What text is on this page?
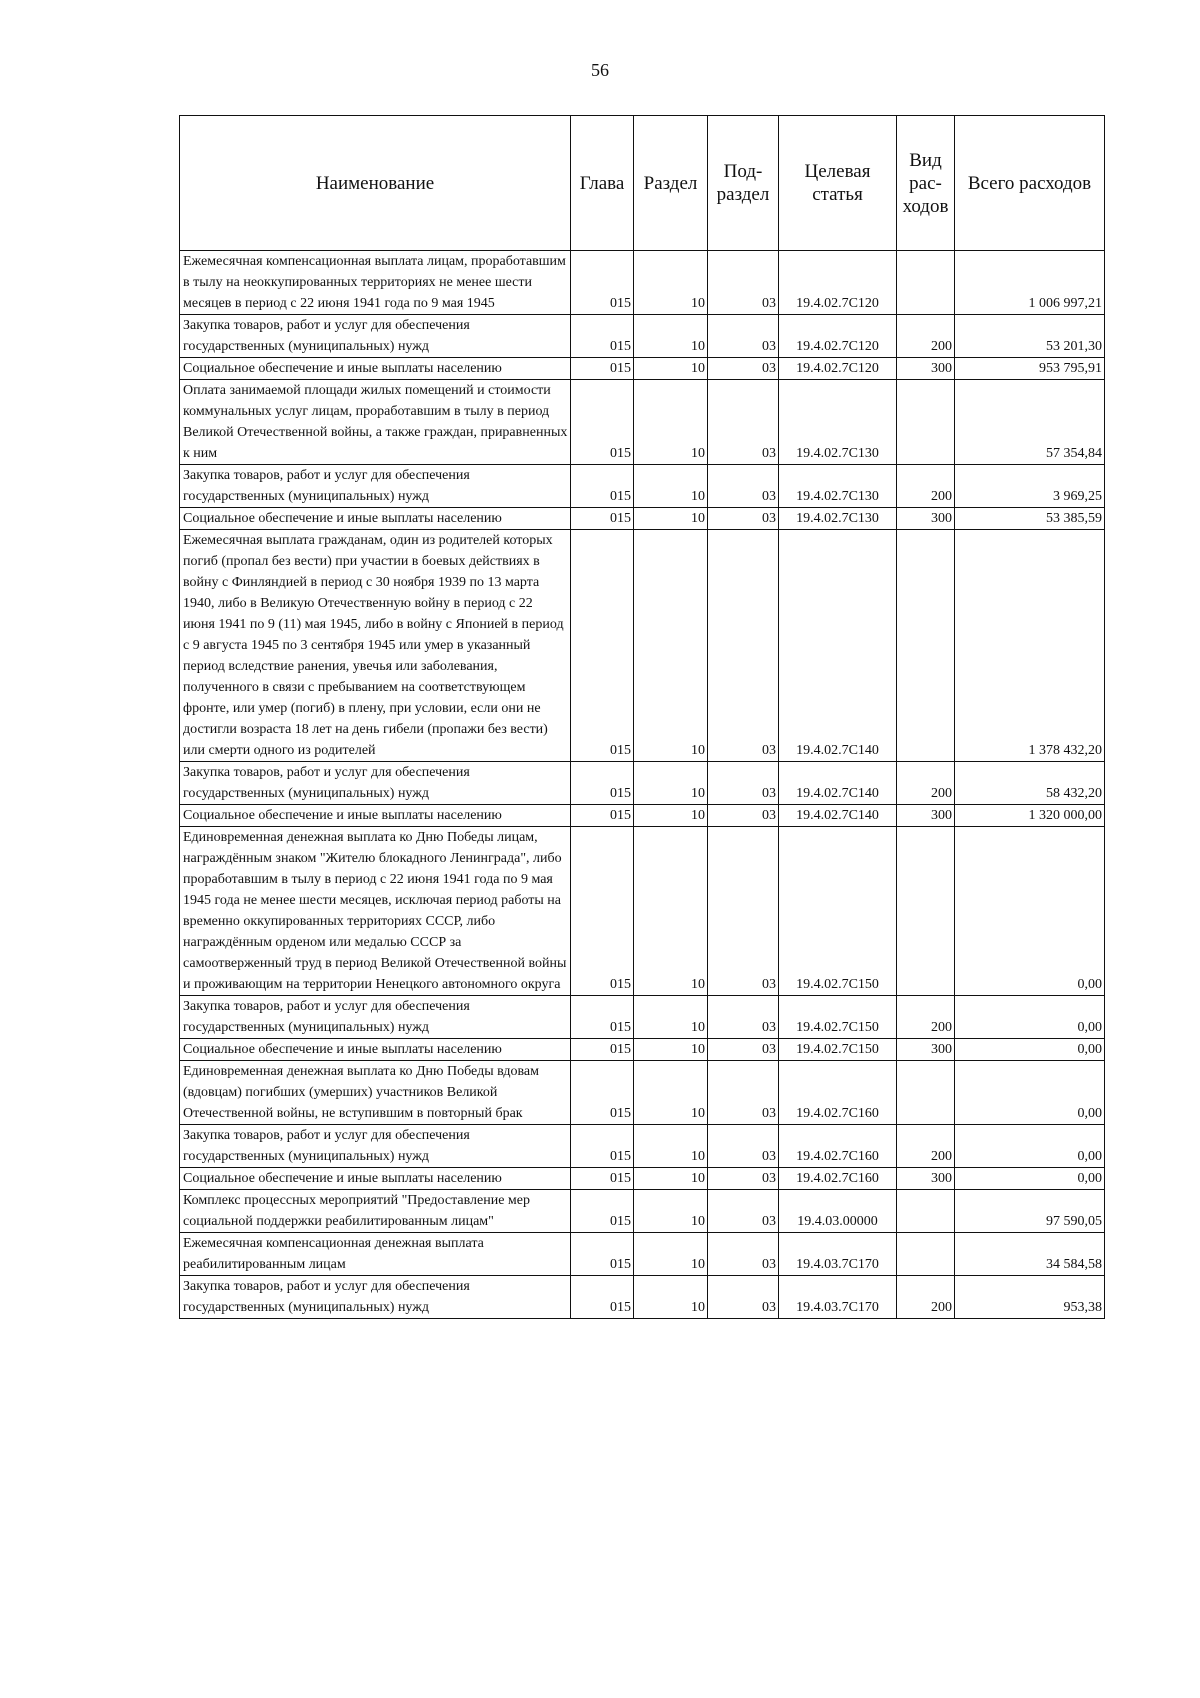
56
Наименование	Глава	Раздел	Под-раздел	Целевая статья	Вид рас-ходов	Всего расходов
Ежемесячная компенсационная выплата лицам, проработавшим в тылу на неоккупированных территориях не менее шести месяцев в период с 22 июня 1941 года по 9 мая 1945	015	10	03	19.4.02.7С120		1 006 997,21
Закупка товаров, работ и услуг для обеспечения государственных (муниципальных) нужд	015	10	03	19.4.02.7С120	200	53 201,30
Социальное обеспечение и иные выплаты населению	015	10	03	19.4.02.7С120	300	953 795,91
Оплата занимаемой площади жилых помещений и стоимости коммунальных услуг лицам, проработавшим в тылу в период Великой Отечественной войны, а также граждан, приравненных к ним	015	10	03	19.4.02.7С130		57 354,84
Закупка товаров, работ и услуг для обеспечения государственных (муниципальных) нужд	015	10	03	19.4.02.7С130	200	3 969,25
Социальное обеспечение и иные выплаты населению	015	10	03	19.4.02.7С130	300	53 385,59
Ежемесячная выплата гражданам, один из родителей которых погиб (пропал без вести) при участии в боевых действиях в войну с Финляндией в период с 30 ноября 1939 по 13 марта 1940, либо в Великую Отечественную войну в период с 22 июня 1941 по 9 (11) мая 1945, либо в войну с Японией в период с 9 августа 1945 по 3 сентября 1945 или умер в указанный период вследствие ранения, увечья или заболевания, полученного в связи с пребыванием на соответствующем фронте, или умер (погиб) в плену, при условии, если они не достигли возраста 18 лет на день гибели (пропажи без вести) или смерти одного из родителей	015	10	03	19.4.02.7С140		1 378 432,20
Закупка товаров, работ и услуг для обеспечения государственных (муниципальных) нужд	015	10	03	19.4.02.7С140	200	58 432,20
Социальное обеспечение и иные выплаты населению	015	10	03	19.4.02.7С140	300	1 320 000,00
Единовременная денежная выплата ко Дню Победы лицам, награждённым знаком "Жителю блокадного Ленинграда", либо проработавшим в тылу в период с 22 июня 1941 года по 9 мая 1945 года не менее шести месяцев, исключая период работы на временно оккупированных территориях СССР, либо награждённым орденом или медалью СССР за самоотверженный труд в период Великой Отечественной войны и проживающим на территории Ненецкого автономного округа	015	10	03	19.4.02.7С150		0,00
Закупка товаров, работ и услуг для обеспечения государственных (муниципальных) нужд	015	10	03	19.4.02.7С150	200	0,00
Социальное обеспечение и иные выплаты населению	015	10	03	19.4.02.7С150	300	0,00
Единовременная денежная выплата ко Дню Победы вдовам (вдовцам) погибших (умерших) участников Великой Отечественной войны, не вступившим в повторный брак	015	10	03	19.4.02.7С160		0,00
Закупка товаров, работ и услуг для обеспечения государственных (муниципальных) нужд	015	10	03	19.4.02.7С160	200	0,00
Социальное обеспечение и иные выплаты населению	015	10	03	19.4.02.7С160	300	0,00
Комплекс процессных мероприятий "Предоставление мер социальной поддержки реабилитированным лицам"	015	10	03	19.4.03.00000		97 590,05
Ежемесячная компенсационная денежная выплата реабилитированным лицам	015	10	03	19.4.03.7С170		34 584,58
Закупка товаров, работ и услуг для обеспечения государственных (муниципальных) нужд	015	10	03	19.4.03.7С170	200	953,38
